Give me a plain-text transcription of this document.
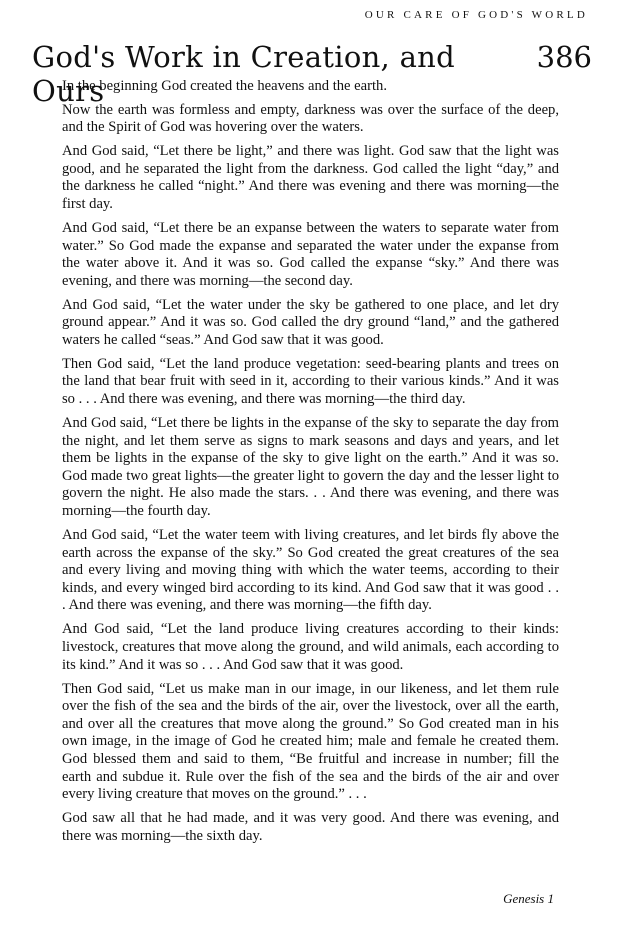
OUR CARE OF GOD'S WORLD
God's Work in Creation, and Ours
386

In the beginning God created the heavens and the earth.

Now the earth was formless and empty, darkness was over the surface of the deep, and the Spirit of God was hovering over the waters.

And God said, “Let there be light,” and there was light. God saw that the light was good, and he separated the light from the darkness. God called the light “day,” and the darkness he called “night.” And there was evening and there was morning—the first day.

And God said, “Let there be an expanse between the waters to separate water from water.” So God made the expanse and separated the water under the expanse from the water above it. And it was so. God called the expanse “sky.” And there was evening, and there was morning—the second day.

And God said, “Let the water under the sky be gathered to one place, and let dry ground appear.” And it was so. God called the dry ground “land,” and the gathered waters he called “seas.” And God saw that it was good.

Then God said, “Let the land produce vegetation: seed-bearing plants and trees on the land that bear fruit with seed in it, according to their various kinds.” And it was so . . . And there was evening, and there was morning—the third day.

And God said, “Let there be lights in the expanse of the sky to separate the day from the night, and let them serve as signs to mark seasons and days and years, and let them be lights in the expanse of the sky to give light on the earth.” And it was so. God made two great lights—the greater light to govern the day and the lesser light to govern the night. He also made the stars. . . And there was evening, and there was morning—the fourth day.

And God said, “Let the water teem with living creatures, and let birds fly above the earth across the expanse of the sky.” So God created the great creatures of the sea and every living and moving thing with which the water teems, according to their kinds, and every winged bird according to its kind. And God saw that it was good . . . And there was evening, and there was morning—the fifth day.

And God said, “Let the land produce living creatures according to their kinds: livestock, creatures that move along the ground, and wild animals, each according to its kind.” And it was so . . . And God saw that it was good.

Then God said, “Let us make man in our image, in our likeness, and let them rule over the fish of the sea and the birds of the air, over the livestock, over all the earth, and over all the creatures that move along the ground.” So God created man in his own image, in the image of God he created him; male and female he created them. God blessed them and said to them, “Be fruitful and increase in number; fill the earth and subdue it. Rule over the fish of the sea and the birds of the air and over every living creature that moves on the ground.” . . .

God saw all that he had made, and it was very good. And there was evening, and there was morning—the sixth day.

Genesis 1
